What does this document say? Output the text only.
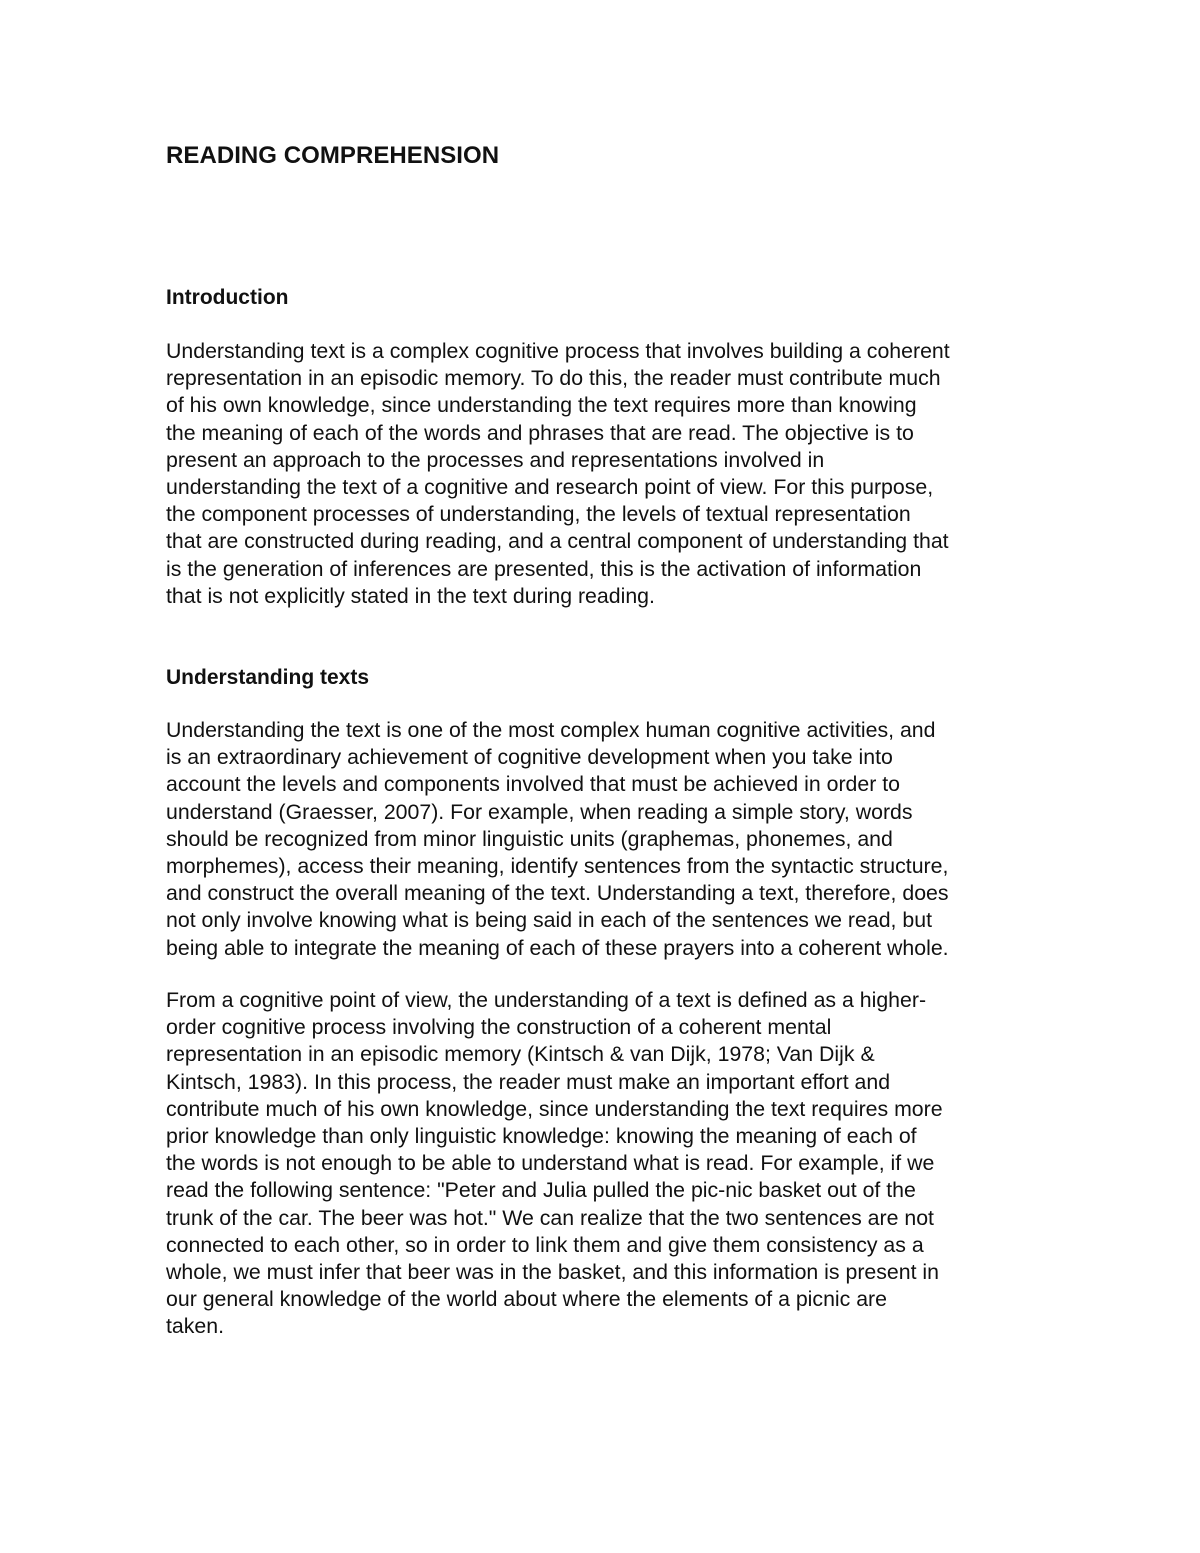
READING COMPREHENSION
Introduction

Understanding text is a complex cognitive process that involves building a coherent
representation in an episodic memory. To do this, the reader must contribute much
of his own knowledge, since understanding the text requires more than knowing
the meaning of each of the words and phrases that are read. The objective is to
present an approach to the processes and representations involved in
understanding the text of a cognitive and research point of view. For this purpose,
the component processes of understanding, the levels of textual representation
that are constructed during reading, and a central component of understanding that
is the generation of inferences are presented, this is the activation of information
that is not explicitly stated in the text during reading.

Understanding texts

Understanding the text is one of the most complex human cognitive activities, and
is an extraordinary achievement of cognitive development when you take into
account the levels and components involved that must be achieved in order to
understand (Graesser, 2007). For example, when reading a simple story, words
should be recognized from minor linguistic units (graphemas, phonemes, and
morphemes), access their meaning, identify sentences from the syntactic structure,
and construct the overall meaning of the text. Understanding a text, therefore, does
not only involve knowing what is being said in each of the sentences we read, but
being able to integrate the meaning of each of these prayers into a coherent whole.

From a cognitive point of view, the understanding of a text is defined as a higher-
order cognitive process involving the construction of a coherent mental
representation in an episodic memory (Kintsch & van Dijk, 1978; Van Dijk &
Kintsch, 1983). In this process, the reader must make an important effort and
contribute much of his own knowledge, since understanding the text requires more
prior knowledge than only linguistic knowledge: knowing the meaning of each of
the words is not enough to be able to understand what is read. For example, if we
read the following sentence: "Peter and Julia pulled the pic-nic basket out of the
trunk of the car. The beer was hot." We can realize that the two sentences are not
connected to each other, so in order to link them and give them consistency as a
whole, we must infer that beer was in the basket, and this information is present in
our general knowledge of the world about where the elements of a picnic are
taken.
